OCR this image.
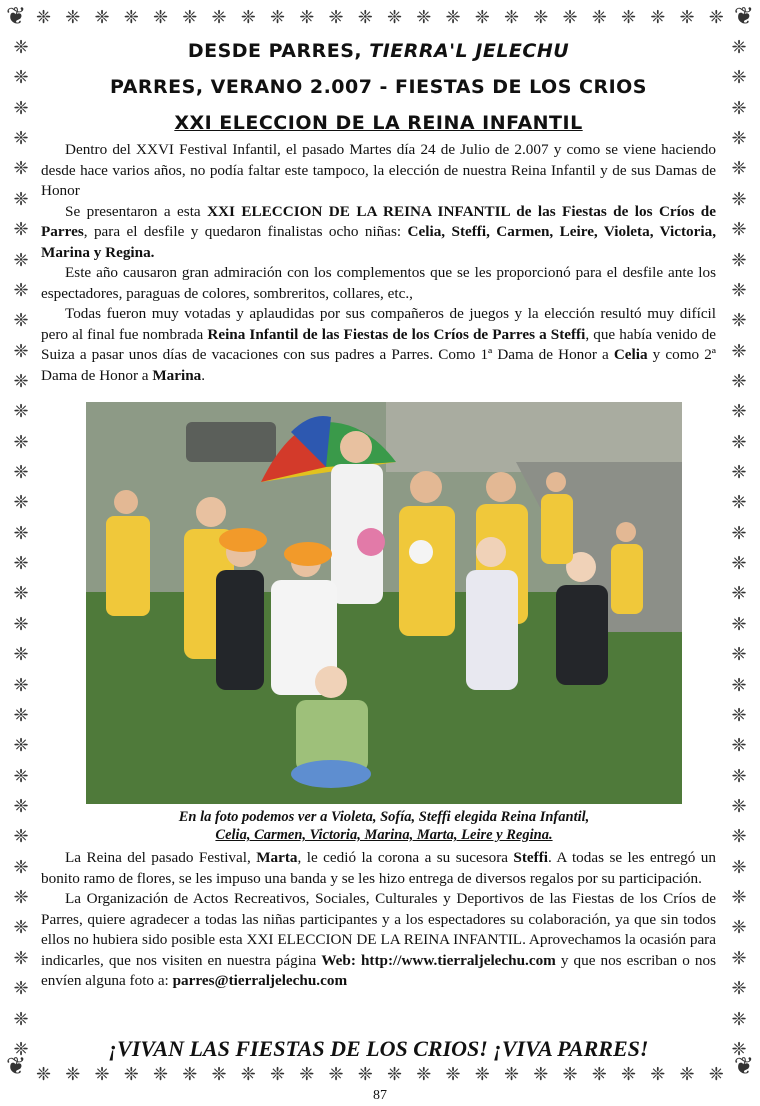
❦	❦
❦	❦
❈ ❈ ❈ ❈ ❈ ❈ ❈ ❈ ❈ ❈ ❈ ❈ ❈ ❈ ❈ ❈ ❈ ❈ ❈ ❈ ❈ ❈ ❈ ❈
❈ ❈ ❈ ❈ ❈ ❈ ❈ ❈ ❈ ❈ ❈ ❈ ❈ ❈ ❈ ❈ ❈ ❈ ❈ ❈ ❈ ❈ ❈ ❈
❈
❈
❈
❈
❈
❈
❈
❈
❈
❈
❈
❈
❈
❈
❈
❈
❈
❈
❈
❈
❈
❈
❈
❈
❈
❈
❈
❈
❈
❈
❈
❈
❈
❈
❈
❈
❈
❈
❈
❈
❈
❈
❈
❈
❈
❈
❈
❈
❈
❈
❈
❈
❈
❈
❈
❈
❈
❈
❈
❈
❈
❈
❈
❈
❈
❈
❈
❈

DESDE PARRES, TIERRA'L JELECHU

PARRES, VERANO 2.007 - FIESTAS DE LOS CRIOS

XXI ELECCION DE LA REINA INFANTIL

Dentro del XXVI Festival Infantil, el pasado Martes día 24 de Julio de 2.007 y como se viene haciendo desde hace varios años, no podía faltar este tampoco, la elección de nuestra Reina Infantil y de sus Damas de Honor

Se presentaron a esta XXI ELECCION DE LA REINA INFANTIL de las Fiestas de los Críos de Parres, para el desfile y quedaron finalistas ocho niñas: Celia, Steffi, Carmen, Leire, Violeta, Victoria, Marina y Regina.

Este año causaron gran admiración con los complementos que se les proporcionó para el desfile ante los espectadores, paraguas de colores, sombreritos, collares, etc.,

Todas fueron muy votadas y aplaudidas por sus compañeros de juegos y la elección resultó muy difícil pero al final fue nombrada Reina Infantil de las Fiestas de los Críos de Parres a Steffi, que había venido de Suiza a pasar unos días de vacaciones con sus padres a Parres. Como 1ª Dama de Honor a Celia y como 2ª Dama de Honor a Marina.

En la foto podemos ver a Violeta, Sofía, Steffi elegida Reina Infantil,
Celia, Carmen, Victoria, Marina, Marta, Leire y Regina.

La Reina del pasado Festival, Marta, le cedió la corona a su sucesora Steffi. A todas se les entregó un bonito ramo de flores, se les impuso una banda y se les hizo entrega de diversos regalos por su participación.

La Organización de Actos Recreativos, Sociales, Culturales y Deportivos de las Fiestas de los Críos de Parres, quiere agradecer a todas las niñas participantes y a los espectadores su colaboración, ya que sin todos ellos no hubiera sido posible esta XXI ELECCION DE LA REINA INFANTIL. Aprovechamos la ocasión para indicarles, que nos visiten en nuestra página Web: http://www.tierraljelechu.com y que nos escriban o nos envíen alguna foto a: parres@tierraljelechu.com

¡VIVAN LAS FIESTAS DE LOS CRIOS! ¡VIVA PARRES!
87
